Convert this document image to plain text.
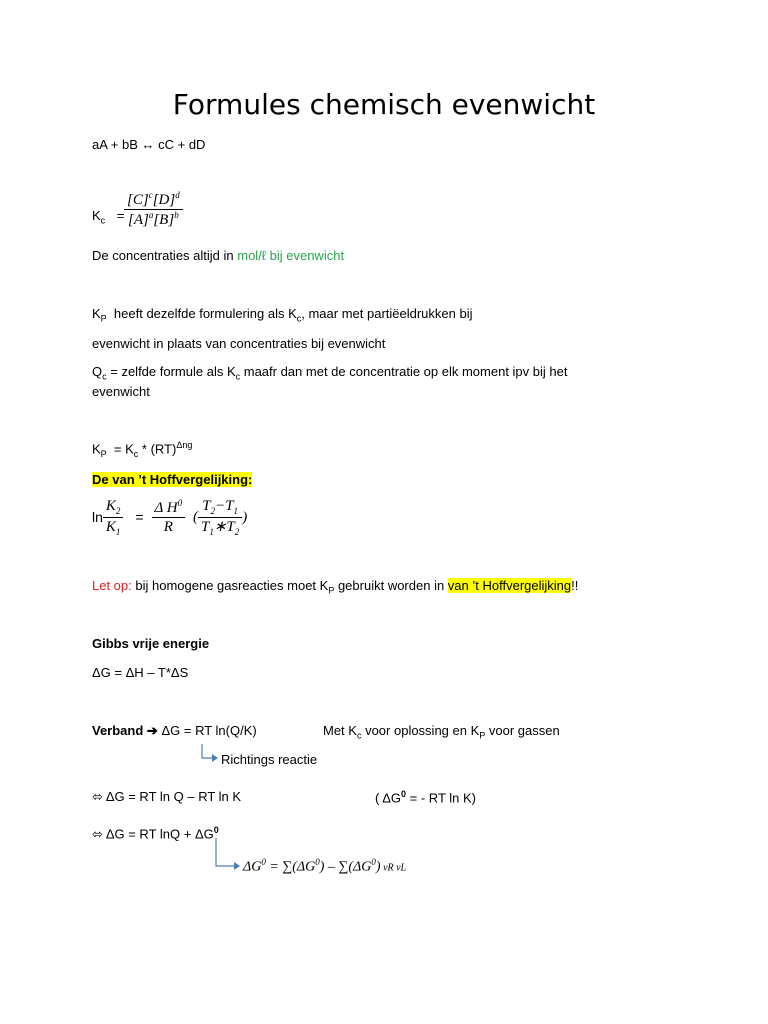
Formules chemisch evenwicht
aA + bB ↔ cC + dD
$K_c = \frac{[C]^c[D]^d}{[A]^a[B]^b}$
De concentraties altijd in mol/ℓ bij evenwicht
$K_P$ heeft dezelfde formulering als $K_c$, maar met partiëeldrukken bij
evenwicht in plaats van concentraties bij evenwicht
$Q_c$ = zelfde formule als $K_c$ maafr dan met de concentratie op elk moment ipv bij het
evenwicht
$K_P = K_c * (RT)^{\Delta ng}$
De van ’t Hoffvergelijking:
$\ln \frac{K_2}{K_1} = \frac{\Delta H^0}{R}$ ( $\frac{T_2-T_1}{T_1∗T_2}$ )
Let op: bij homogene gasreacties moet $K_P$ gebruikt worden in van ’t Hoffvergelijking!!
Gibbs vrije energie
ΔG = ΔH – T*ΔS
Verband ➔ ΔG = RT ln(Q/K)	Met $K_c$ voor oplossing en $K_P$ voor gassen
Richtings reactie
⬄ ΔG = RT ln Q – RT ln K	( $\Delta G^0$ = - RT ln K)
⬄ ΔG = RT $\ln Q + \Delta G^0$
$\Delta G^0 = \sum(\Delta G^0) - \sum(\Delta G^0)$ vR vL
